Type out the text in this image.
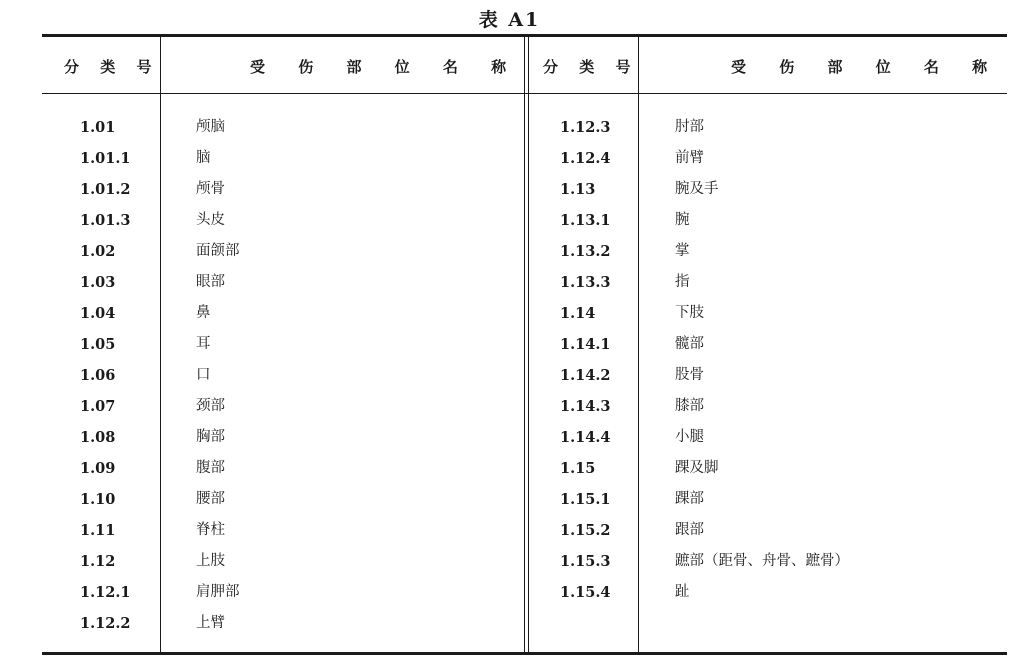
表 A1
分 类 号	受 伤 部 位 名 称 分 类 号	受 伤 部 位 名 称
1.01
1.01.1
1.01.2
1.01.3
1.02
1.03
1.04
1.05
1.06
1.07
1.08
1.09
1.10
1.11
1.12
1.12.1
1.12.2
颅脑
脑
颅骨
头皮
面颌部
眼部
鼻
耳
口
颈部
胸部
腹部
腰部
脊柱
上肢
肩胛部
上臂
1.12.3
1.12.4
1.13
1.13.1
1.13.2
1.13.3
1.14
1.14.1
1.14.2
1.14.3
1.14.4
1.15
1.15.1
1.15.2
1.15.3
1.15.4
肘部
前臂
腕及手
腕
掌
指
下肢
髋部
股骨
膝部
小腿
踝及脚
踝部
跟部
蹠部（距骨、舟骨、蹠骨）
趾
